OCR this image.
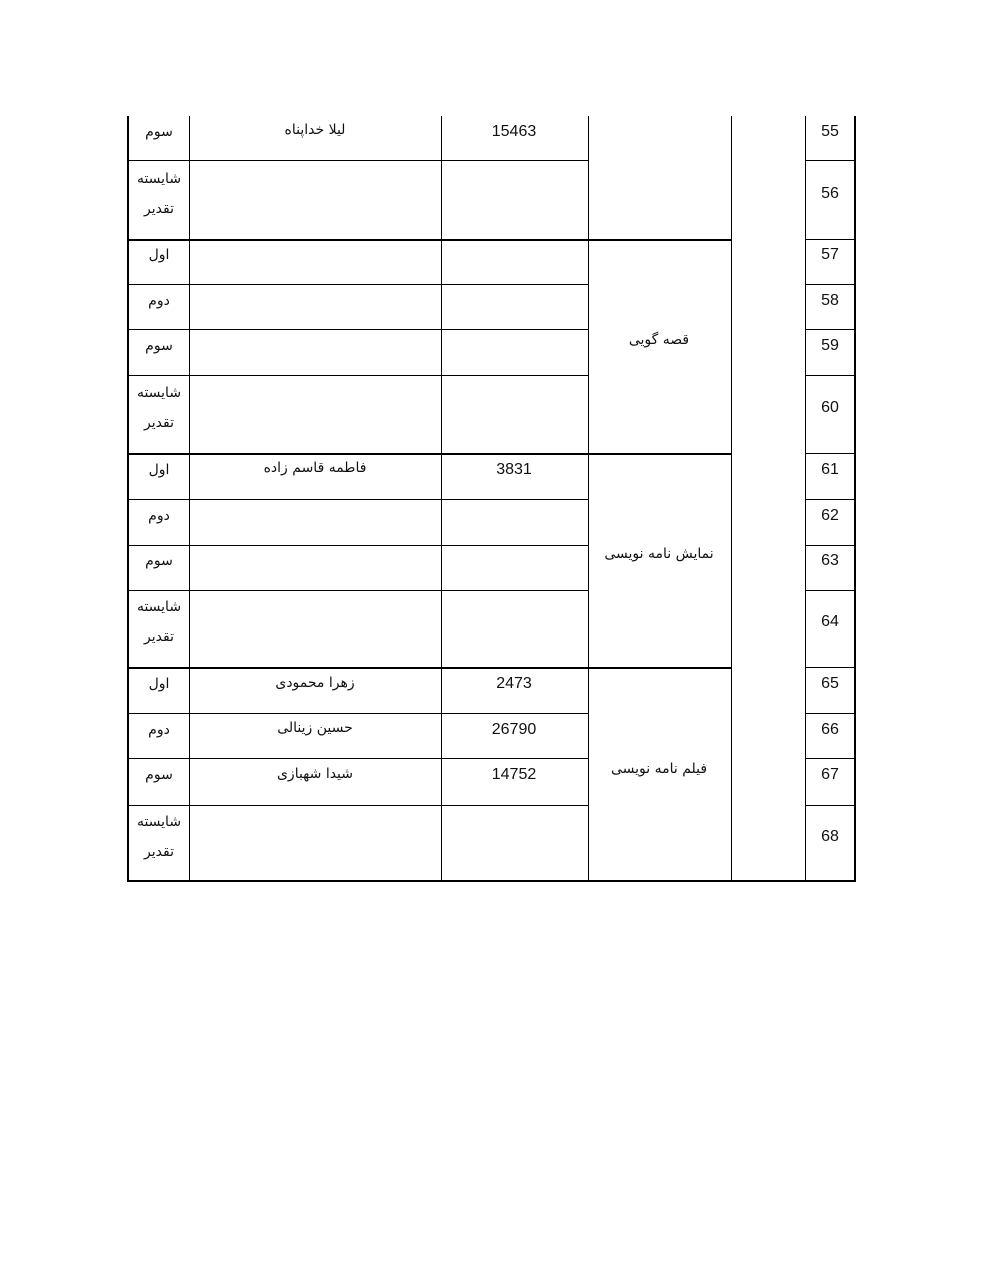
55
56
57
58
59
60
61
62
63
64
65
66
67
68
قصه گویی
نمایش نامه نویسی
فیلم نامه نویسی
15463
3831
2473
26790
14752
لیلا خداپناه
فاطمه قاسم زاده
زهرا محمودی
حسین زینالی
شیدا شهبازی
سوم
شایسته تقدیر
اول
دوم
سوم
شایسته تقدیر
اول
دوم
سوم
شایسته تقدیر
اول
دوم
سوم
شایسته تقدیر
